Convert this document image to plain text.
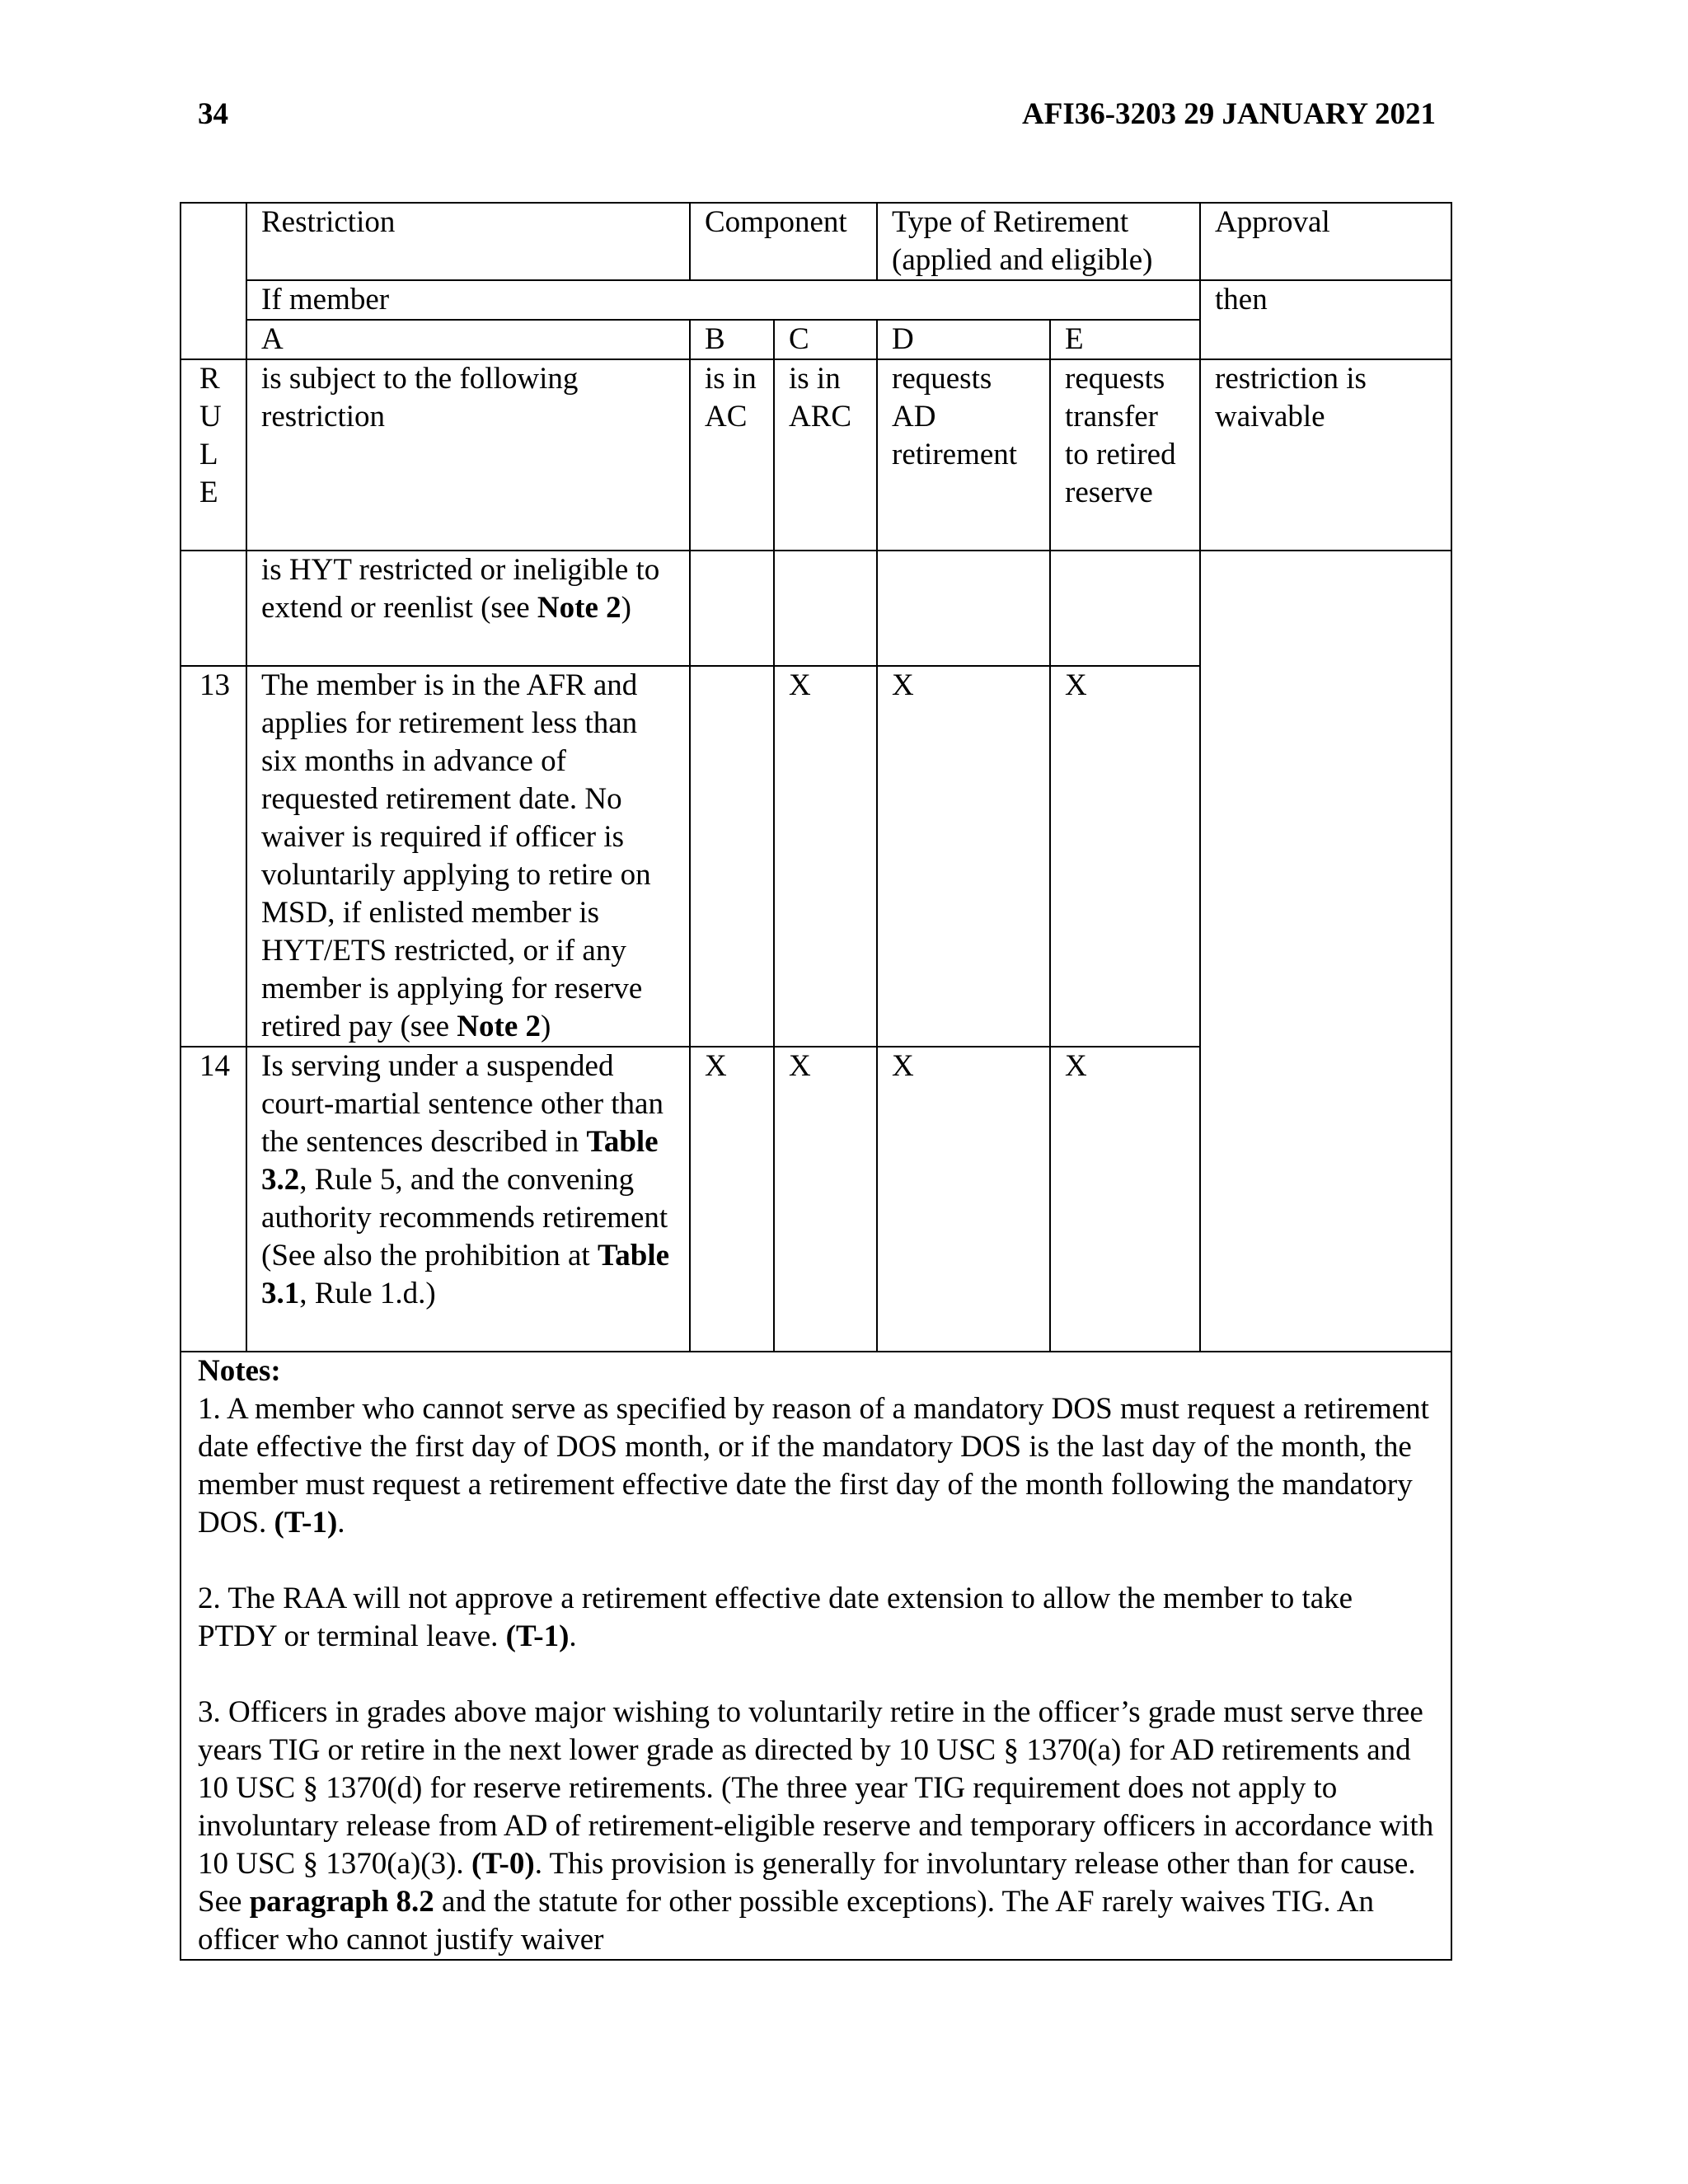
34	AFI36-3203 29 JANUARY 2021
	Restriction	Component		Type of Retirement (applied and eligible)		Approval
	If member					then
	A	B	C	D	E	

R
U
L
E	is subject to the following restriction	is in AC	is in ARC	requests AD retirement	requests transfer to retired reserve	restriction is waivable
	is HYT restricted or ineligible to extend or reenlist (see Note 2)					
13	The member is in the AFR and applies for retirement less than six months in advance of requested retirement date. No waiver is required if officer is voluntarily applying to retire on MSD, if enlisted member is HYT/ETS restricted, or if any member is applying for reserve retired pay (see Note 2)		X	X	X	
14	Is serving under a suspended court-martial sentence other than the sentences described in Table 3.2, Rule 5, and the convening authority recommends retirement (See also the prohibition at Table 3.1, Rule 1.d.)	X	X	X	X	

Notes:

1. A member who cannot serve as specified by reason of a mandatory DOS must request a retirement date effective the first day of DOS month, or if the mandatory DOS is the last day of the month, the member must request a retirement effective date the first day of the month following the mandatory DOS. (T-1).

2. The RAA will not approve a retirement effective date extension to allow the member to take PTDY or terminal leave. (T-1).

3. Officers in grades above major wishing to voluntarily retire in the officer’s grade must serve three years TIG or retire in the next lower grade as directed by 10 USC § 1370(a) for AD retirements and 10 USC § 1370(d) for reserve retirements. (The three year TIG requirement does not apply to involuntary release from AD of retirement-eligible reserve and temporary officers in accordance with 10 USC § 1370(a)(3). (T-0). This provision is generally for involuntary release other than for cause. See paragraph 8.2 and the statute for other possible exceptions). The AF rarely waives TIG. An officer who cannot justify waiver						
